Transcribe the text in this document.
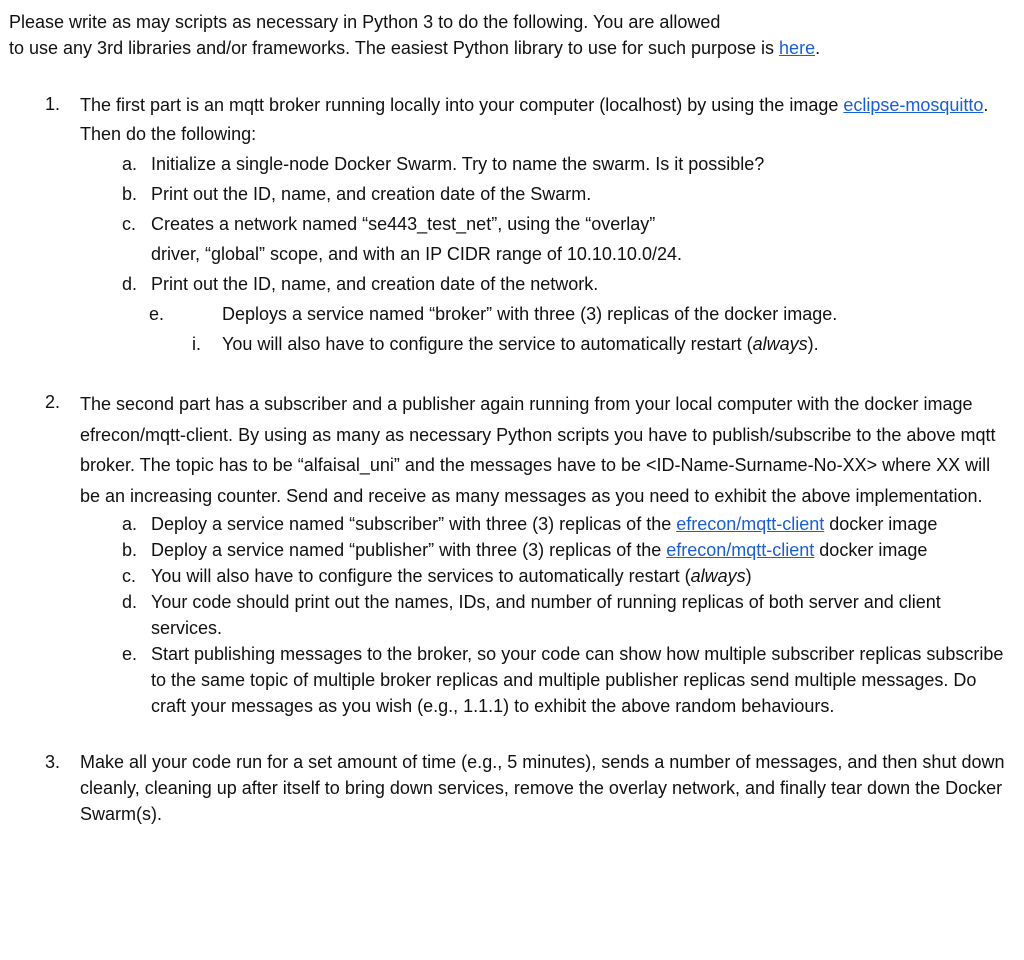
Please write as may scripts as necessary in Python 3 to do the following. You are allowed

to use any 3rd libraries and/or frameworks. The easiest Python library to use for such purpose is here.

1. The first part is an mqtt broker running locally into your computer (localhost) by using the image eclipse-mosquitto. Then do the following:

a. Initialize a single-node Docker Swarm. Try to name the swarm. Is it possible?
b. Print out the ID, name, and creation date of the Swarm.
c. Creates a network named “se443_test_net”, using the “overlay”
driver, “global” scope, and with an IP CIDR range of 10.10.10.0/24.
d. Print out the ID, name, and creation date of the network.
e.	Deploys a service named “broker” with three (3) replicas of the docker image.
i. You will also have to configure the service to automatically restart (always).
2. The second part has a subscriber and a publisher again running from your local computer with the docker image efrecon/mqtt-client. By using as many as necessary Python scripts you have to publish/subscribe to the above mqtt broker. The topic has to be “alfaisal_uni” and the messages have to be <ID-Name-Surname-No-XX> where XX will be an increasing counter. Send and receive as many messages as you need to exhibit the above implementation.

a. Deploy a service named “subscriber” with three (3) replicas of the efrecon/mqtt-client docker image
b. Deploy a service named “publisher” with three (3) replicas of the efrecon/mqtt-client docker image
c. You will also have to configure the services to automatically restart (always)
d. Your code should print out the names, IDs, and number of running replicas of both server and client services.
e. Start publishing messages to the broker, so your code can show how multiple subscriber replicas subscribe to the same topic of multiple broker replicas and multiple publisher replicas send multiple messages. Do craft your messages as you wish (e.g., 1.1.1) to exhibit the above random behaviours.
3. Make all your code run for a set amount of time (e.g., 5 minutes), sends a number of messages, and then shut down cleanly, cleaning up after itself to bring down services, remove the overlay network, and finally tear down the Docker Swarm(s).
